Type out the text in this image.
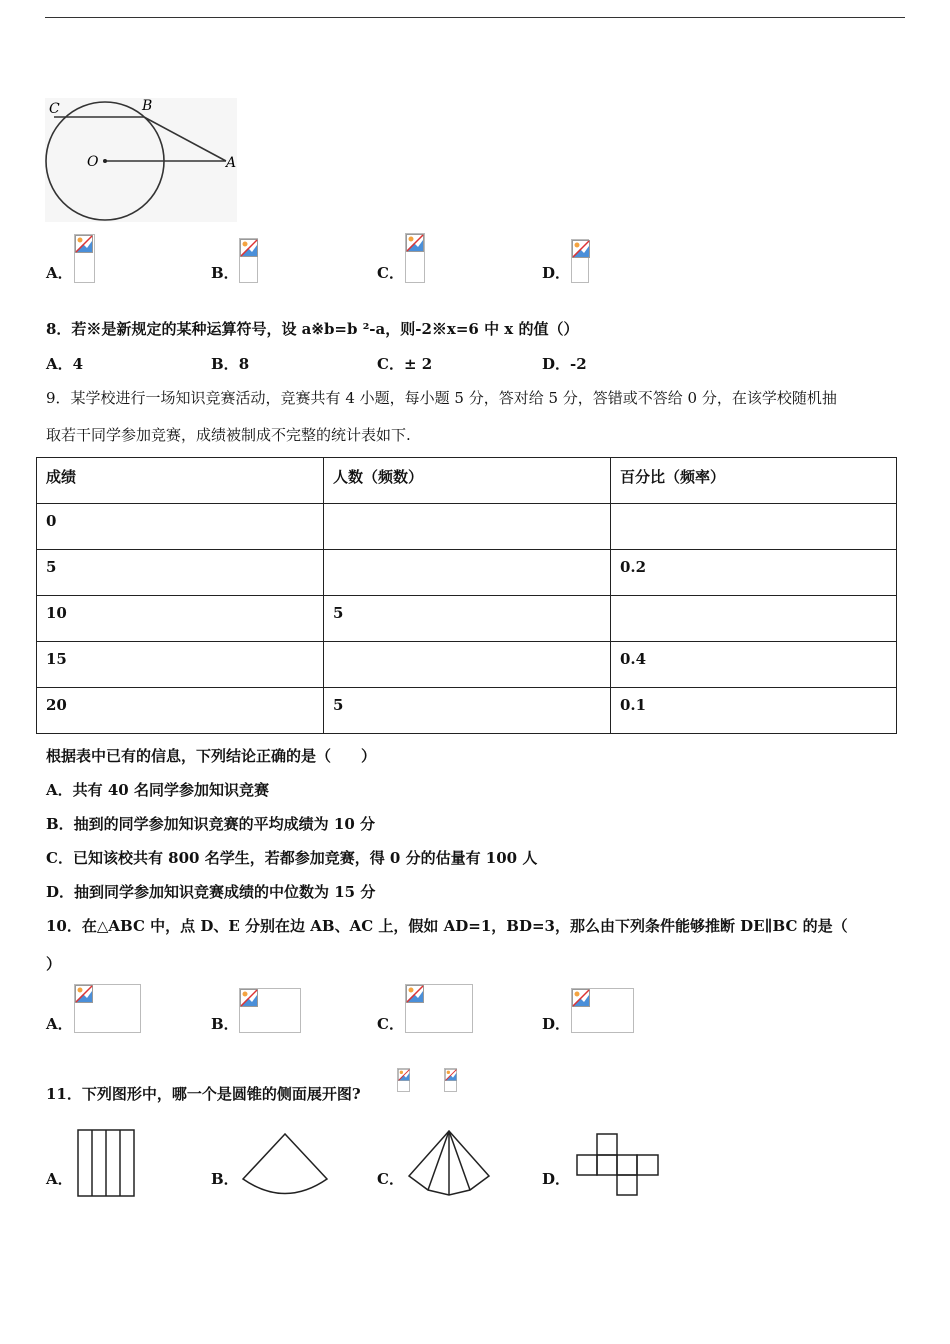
C	B
O	A
A．	B．	C．	D．
8．若※是新规定的某种运算符号，设 a※b=b ²-a，则-2※x=6 中 x 的值（）
A．4	B．8	C．± 2	D．-2
9．某学校进行一场知识竞赛活动，竞赛共有 4 小题，每小题 5 分，答对给 5 分，答错或不答给 0 分，在该学校随机抽
取若干同学参加竞赛，成绩被制成不完整的统计表如下.
成绩	人数（频数）	百分比（频率）
0		
5		0.2
10	5	
15		0.4
20	5	0.1
根据表中已有的信息，下列结论正确的是（　　）
A．共有 40 名同学参加知识竞赛
B．抽到的同学参加知识竞赛的平均成绩为 10 分
C．已知该校共有 800 名学生，若都参加竞赛，得 0 分的估量有 100 人
D．抽到同学参加知识竞赛成绩的中位数为 15 分
10．在△ABC 中，点 D、E 分别在边 AB、AC 上，假如 AD=1，BD=3，那么由下列条件能够推断 DE∥BC 的是（
）
A．	B．	C．	D．
11．下列图形中，哪一个是圆锥的侧面展开图?
A．	B．	C．	D．
